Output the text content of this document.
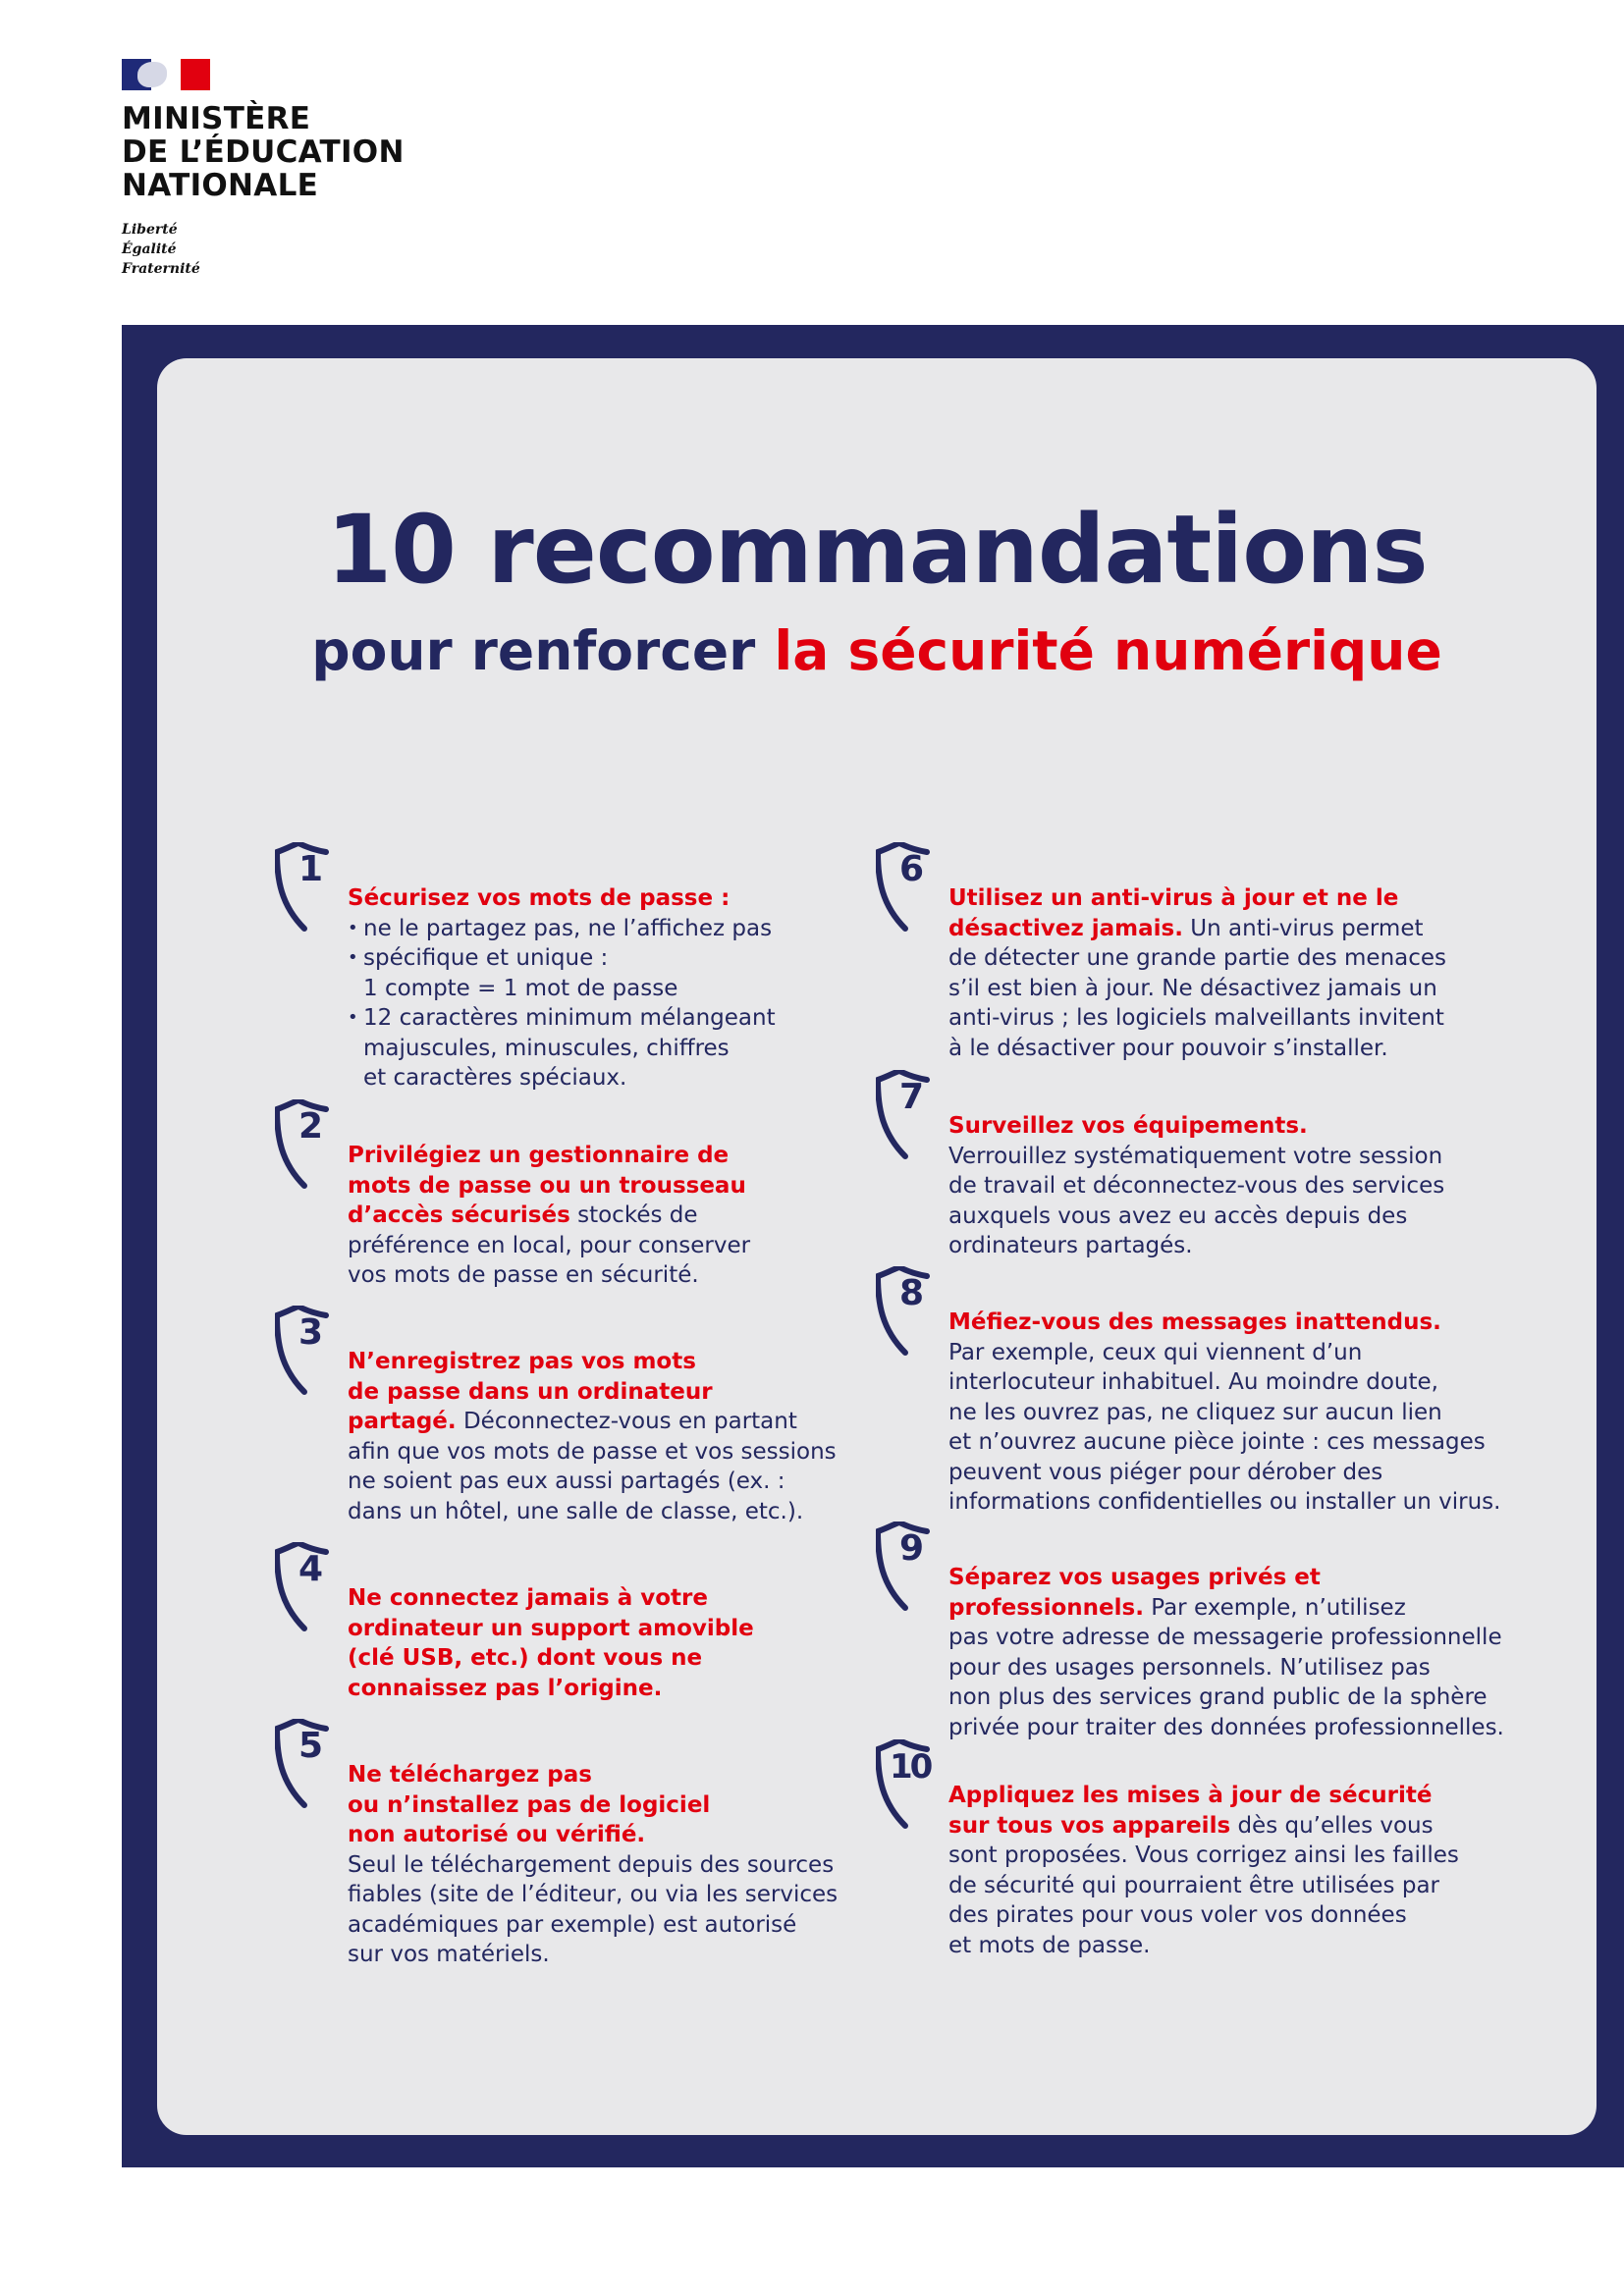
MINISTÈRE
DE L’ÉDUCATION
NATIONALE
Liberté
Égalité
Fraternité
10 recommandations
pour renforcer la sécurité numérique
1

Sécurisez vos mots de passe :

• ne le partagez pas, ne l’affichez pas
• spécifique et unique :
1 compte = 1 mot de passe
• 12 caractères minimum mélangeant
majuscules, minuscules, chiffres
et caractères spéciaux.
2

Privilégiez un gestionnaire de
mots de passe ou un trousseau
d’accès sécurisés stockés de
préférence en local, pour conserver
vos mots de passe en sécurité.

3

N’enregistrez pas vos mots
de passe dans un ordinateur
partagé. Déconnectez-vous en partant
afin que vos mots de passe et vos sessions
ne soient pas eux aussi partagés (ex. :
dans un hôtel, une salle de classe, etc.).

4

Ne connectez jamais à votre
ordinateur un support amovible
(clé USB, etc.) dont vous ne
connaissez pas l’origine.

5

Ne téléchargez pas
ou n’installez pas de logiciel
non autorisé ou vérifié.
Seul le téléchargement depuis des sources
fiables (site de l’éditeur, ou via les services
académiques par exemple) est autorisé
sur vos matériels.

6

Utilisez un anti-virus à jour et ne le
désactivez jamais. Un anti-virus permet
de détecter une grande partie des menaces
s’il est bien à jour. Ne désactivez jamais un
anti-virus ; les logiciels malveillants invitent
à le désactiver pour pouvoir s’installer.

7

Surveillez vos équipements.
Verrouillez systématiquement votre session
de travail et déconnectez-vous des services
auxquels vous avez eu accès depuis des
ordinateurs partagés.

8

Méfiez-vous des messages inattendus.
Par exemple, ceux qui viennent d’un
interlocuteur inhabituel. Au moindre doute,
ne les ouvrez pas, ne cliquez sur aucun lien
et n’ouvrez aucune pièce jointe : ces messages
peuvent vous piéger pour dérober des
informations confidentielles ou installer un virus.

9

Séparez vos usages privés et
professionnels. Par exemple, n’utilisez
pas votre adresse de messagerie professionnelle
pour des usages personnels. N’utilisez pas
non plus des services grand public de la sphère
privée pour traiter des données professionnelles.

10

Appliquez les mises à jour de sécurité
sur tous vos appareils dès qu’elles vous
sont proposées. Vous corrigez ainsi les failles
de sécurité qui pourraient être utilisées par
des pirates pour vous voler vos données
et mots de passe.
